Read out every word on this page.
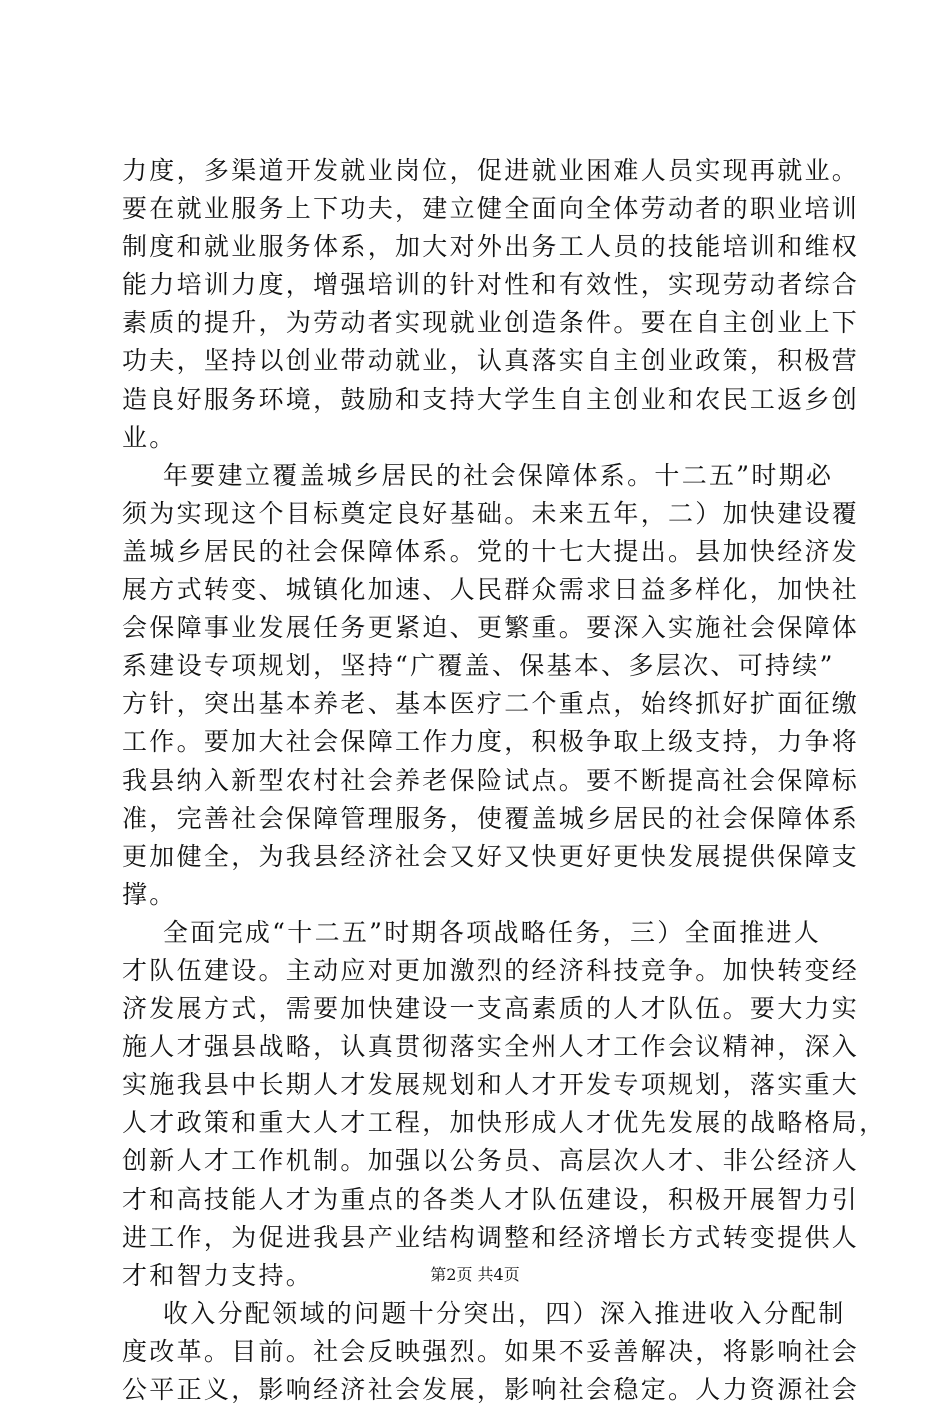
力度，多渠道开发就业岗位，促进就业困难人员实现再就业。
要在就业服务上下功夫，建立健全面向全体劳动者的职业培训
制度和就业服务体系，加大对外出务工人员的技能培训和维权
能力培训力度，增强培训的针对性和有效性，实现劳动者综合
素质的提升，为劳动者实现就业创造条件。要在自主创业上下
功夫，坚持以创业带动就业，认真落实自主创业政策，积极营
造良好服务环境，鼓励和支持大学生自主创业和农民工返乡创
业。
年要建立覆盖城乡居民的社会保障体系。十二五”时期必
须为实现这个目标奠定良好基础。未来五年，二）加快建设覆
盖城乡居民的社会保障体系。党的十七大提出。县加快经济发
展方式转变、城镇化加速、人民群众需求日益多样化，加快社
会保障事业发展任务更紧迫、更繁重。要深入实施社会保障体
系建设专项规划，坚持“广覆盖、保基本、多层次、可持续”
方针，突出基本养老、基本医疗二个重点，始终抓好扩面征缴
工作。要加大社会保障工作力度，积极争取上级支持，力争将
我县纳入新型农村社会养老保险试点。要不断提高社会保障标
准，完善社会保障管理服务，使覆盖城乡居民的社会保障体系
更加健全，为我县经济社会又好又快更好更快发展提供保障支
撑。
全面完成“十二五”时期各项战略任务，三）全面推进人
才队伍建设。主动应对更加激烈的经济科技竞争。加快转变经
济发展方式，需要加快建设一支高素质的人才队伍。要大力实
施人才强县战略，认真贯彻落实全州人才工作会议精神，深入
实施我县中长期人才发展规划和人才开发专项规划，落实重大
人才政策和重大人才工程，加快形成人才优先发展的战略格局，
创新人才工作机制。加强以公务员、高层次人才、非公经济人
才和高技能人才为重点的各类人才队伍建设，积极开展智力引
进工作，为促进我县产业结构调整和经济增长方式转变提供人
才和智力支持。
收入分配领域的问题十分突出，四）深入推进收入分配制
度改革。目前。社会反映强烈。如果不妥善解决，将影响社会
公平正义，影响经济社会发展，影响社会稳定。人力资源社会
第2页 共4页
